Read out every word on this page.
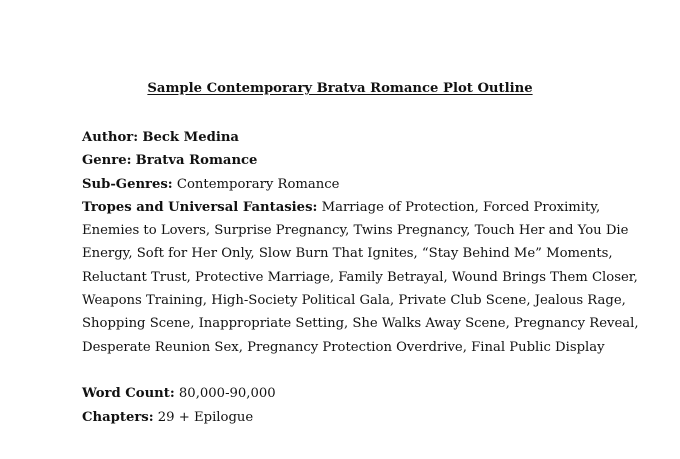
Sample Contemporary Bratva Romance Plot Outline
Author: Beck Medina
Genre: Bratva Romance
Sub-Genres: Contemporary Romance
Tropes and Universal Fantasies: Marriage of Protection, Forced Proximity,
Enemies to Lovers, Surprise Pregnancy, Twins Pregnancy, Touch Her and You Die
Energy, Soft for Her Only, Slow Burn That Ignites, “Stay Behind Me” Moments,
Reluctant Trust, Protective Marriage, Family Betrayal, Wound Brings Them Closer,
Weapons Training, High-Society Political Gala, Private Club Scene, Jealous Rage,
Shopping Scene, Inappropriate Setting, She Walks Away Scene, Pregnancy Reveal,
Desperate Reunion Sex, Pregnancy Protection Overdrive, Final Public Display
Word Count: 80,000-90,000
Chapters: 29 + Epilogue
